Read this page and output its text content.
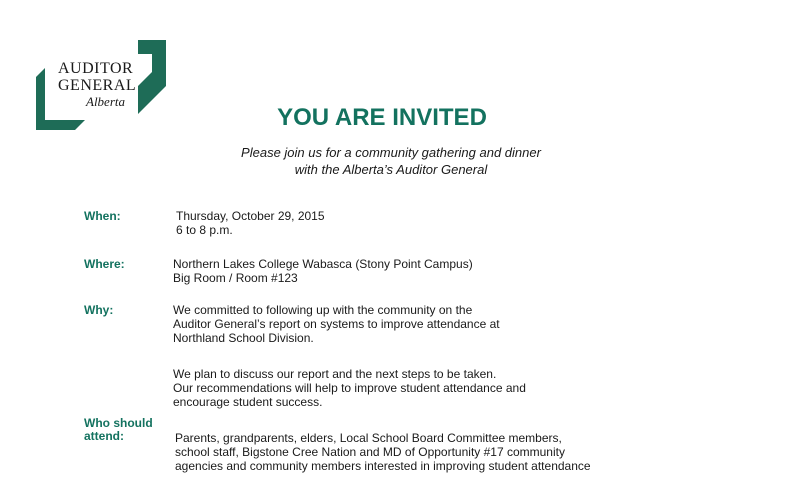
AUDITOR
GENERAL
Alberta
YOU ARE INVITED
Please join us for a community gathering and dinner
with the Alberta’s Auditor General
When:	Thursday, October 29, 2015
6 to 8 p.m.
Where:	Northern Lakes College Wabasca (Stony Point Campus)
Big Room / Room #123
Why:	We committed to following up with the community on the
Auditor General’s report on systems to improve attendance at
Northland School Division.
We plan to discuss our report and the next steps to be taken.
Our recommendations will help to improve student attendance and
encourage student success.
Who should
attend:	Parents, grandparents, elders, Local School Board Committee members,
school staff, Bigstone Cree Nation and MD of Opportunity #17 community
agencies and community members interested in improving student attendance
